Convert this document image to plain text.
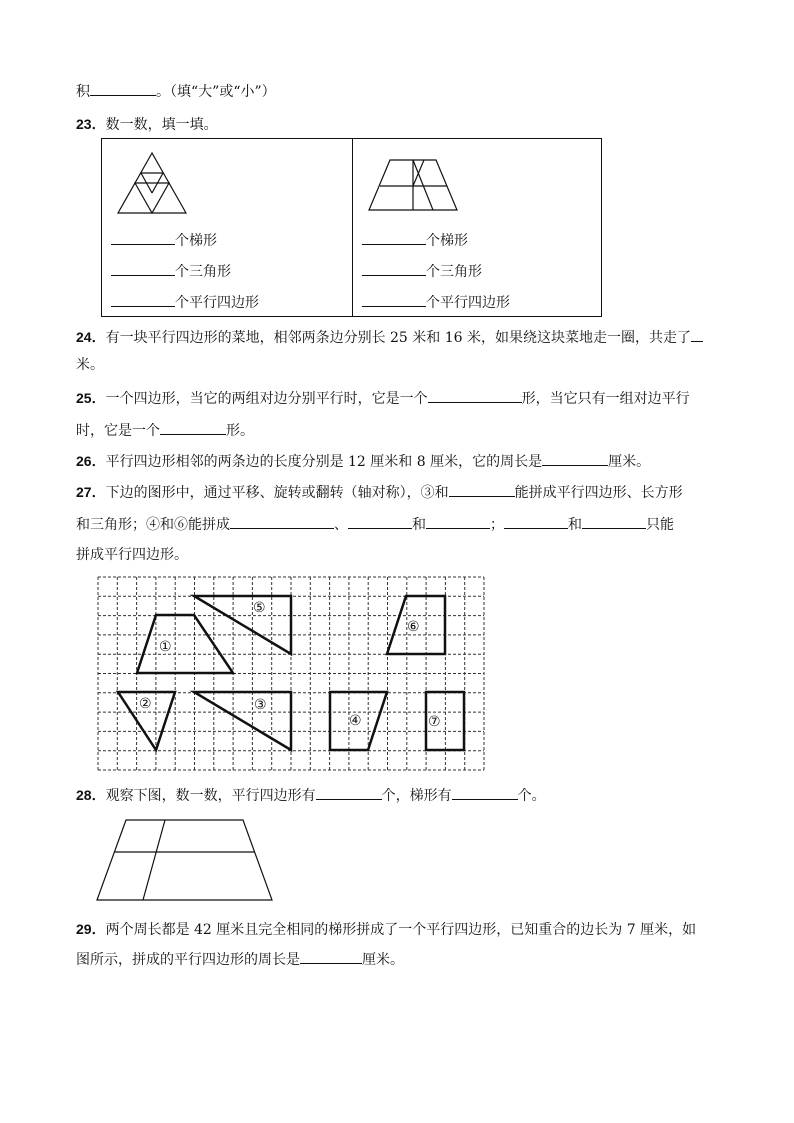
积	。（填“大”或“小”）
23．数一数，填一填。
个梯形
个三角形
个平行四边形
个梯形
个三角形
个平行四边形
24．有一块平行四边形的菜地，相邻两条边分别长 25 米和 16 米，如果绕这块菜地走一圈，共走了
米。
25．一个四边形，当它的两组对边分别平行时，它是一个	形，当它只有一组对边平行
时，它是一个	形。
26．平行四边形相邻的两条边的长度分别是 12 厘米和 8 厘米，它的周长是	厘米。
27．下边的图形中，通过平移、旋转或翻转（轴对称），③和	能拼成平行四边形、长方形
和三角形；④和⑥能拼成	、	和	；	和	只能
拼成平行四边形。
①
②	③
④
⑤
⑥
⑦
28．观察下图，数一数，平行四边形有	个，梯形有	个。
29．两个周长都是 42 厘米且完全相同的梯形拼成了一个平行四边形，已知重合的边长为 7 厘米，如
图所示，拼成的平行四边形的周长是	厘米。
